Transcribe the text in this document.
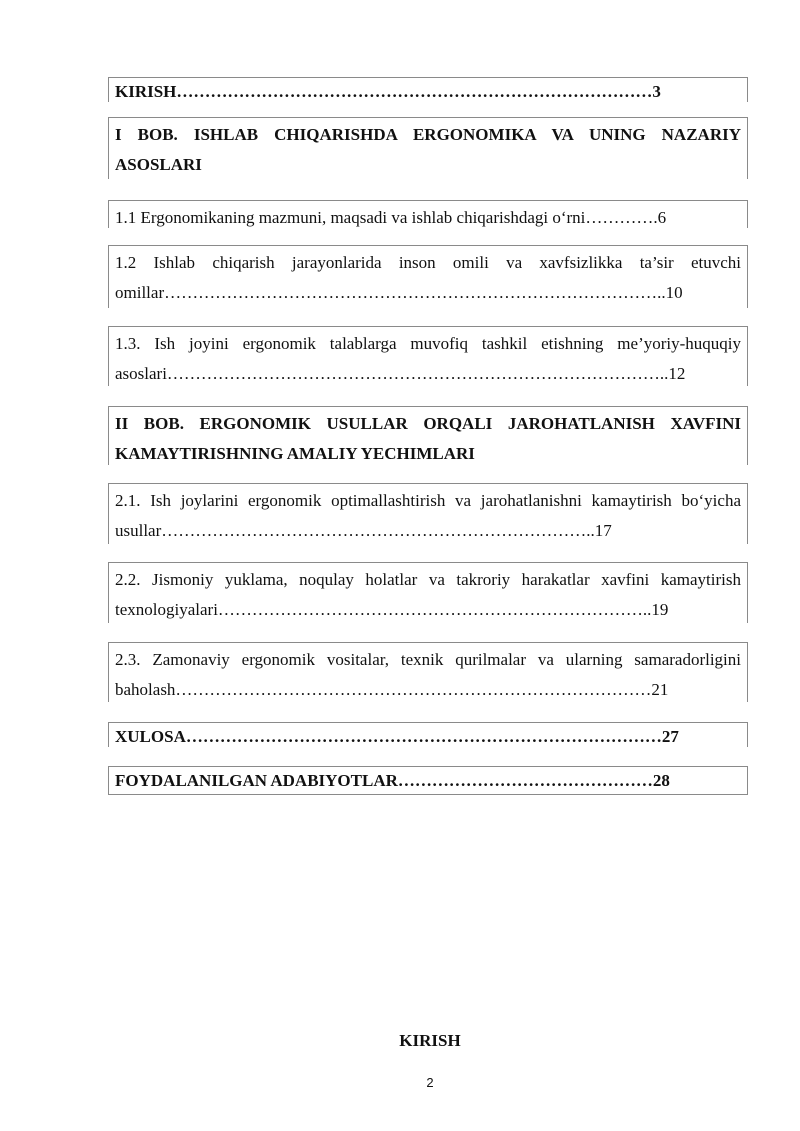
KIRISH…………………………………………………………………………3
I BOB. ISHLAB CHIQARISHDA ERGONOMIKA VA UNING NAZARIY ASOSLARI
1.1 Ergonomikaning mazmuni, maqsadi va ishlab chiqarishdagi o‘rni………….6
1.2 Ishlab chiqarish jarayonlarida inson omili va xavfsizlikka ta’sir etuvchi omillar……………………………………………………………………………..10
1.3. Ish joyini ergonomik talablarga muvofiq tashkil etishning me’yoriy-huquqiy asoslari……………………………………………………………………………..12
II BOB. ERGONOMIK USULLAR ORQALI JAROHATLANISH XAVFINI KAMAYTIRISHNING AMALIY YECHIMLARI
2.1. Ish joylarini ergonomik optimallashtirish va jarohatlanishni kamaytirish bo‘yicha usullar…………………………………………………………………..17
2.2. Jismoniy yuklama, noqulay holatlar va takroriy harakatlar xavfini kamaytirish texnologiyalari…………………………………………………………………..19
2.3. Zamonaviy ergonomik vositalar, texnik qurilmalar va ularning samaradorligini baholash…………………………………………………………………………21
XULOSA…………………………………………………………………………27
FOYDALANILGAN ADABIYOTLAR………………………………………28
KIRISH
2
